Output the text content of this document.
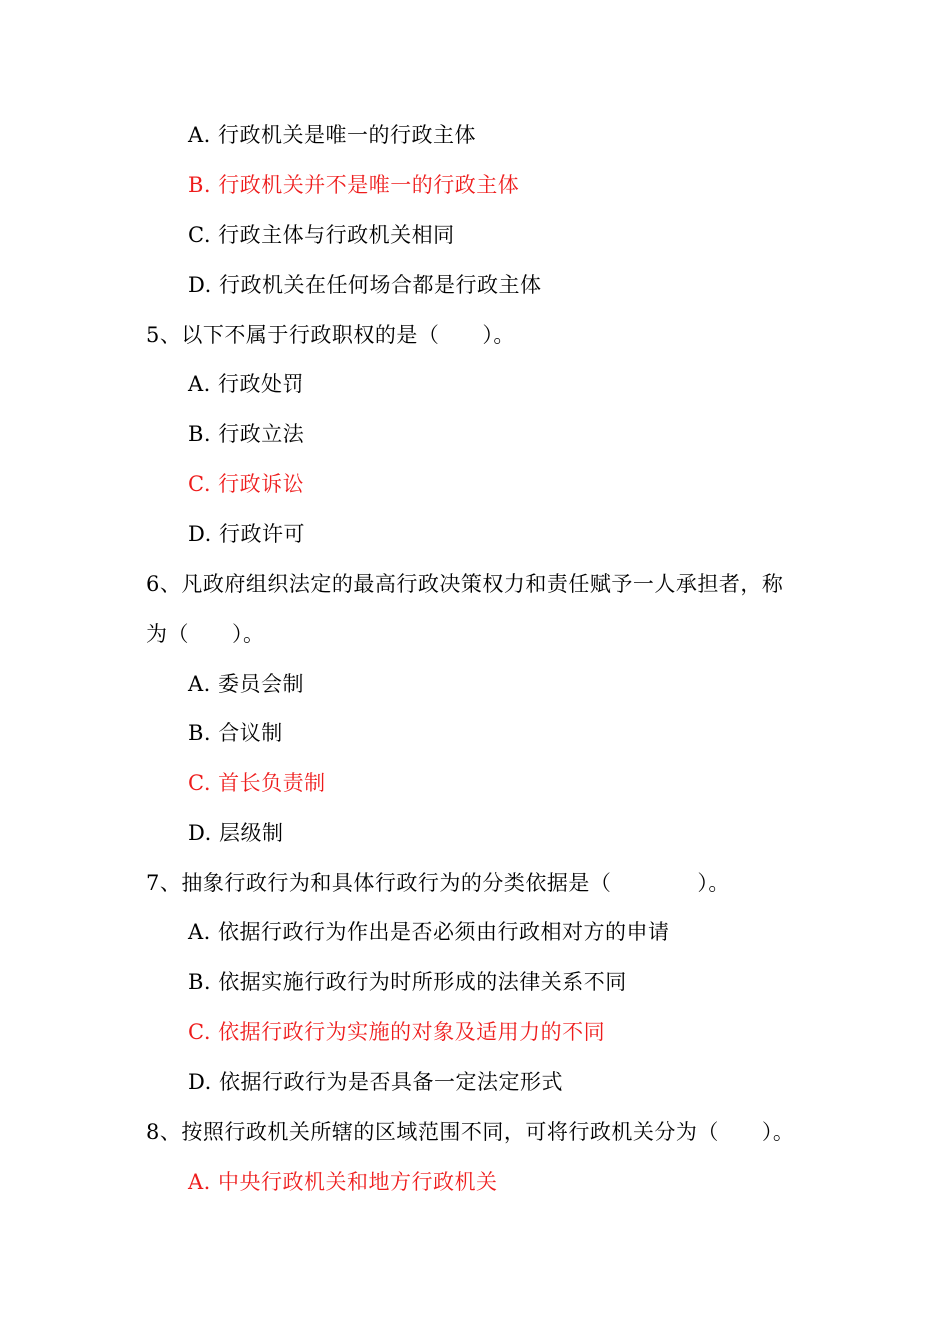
A. 行政机关是唯一的行政主体
B. 行政机关并不是唯一的行政主体
C. 行政主体与行政机关相同
D. 行政机关在任何场合都是行政主体
5、以下不属于行政职权的是（　　）。
A. 行政处罚
B. 行政立法
C. 行政诉讼
D. 行政许可
6、凡政府组织法定的最高行政决策权力和责任赋予一人承担者，称
为（　　）。
A. 委员会制
B. 合议制
C. 首长负责制
D. 层级制
7、抽象行政行为和具体行政行为的分类依据是（　　　　）。
A. 依据行政行为作出是否必须由行政相对方的申请
B. 依据实施行政行为时所形成的法律关系不同
C. 依据行政行为实施的对象及适用力的不同
D. 依据行政行为是否具备一定法定形式
8、按照行政机关所辖的区域范围不同，可将行政机关分为（　　）。
A. 中央行政机关和地方行政机关
